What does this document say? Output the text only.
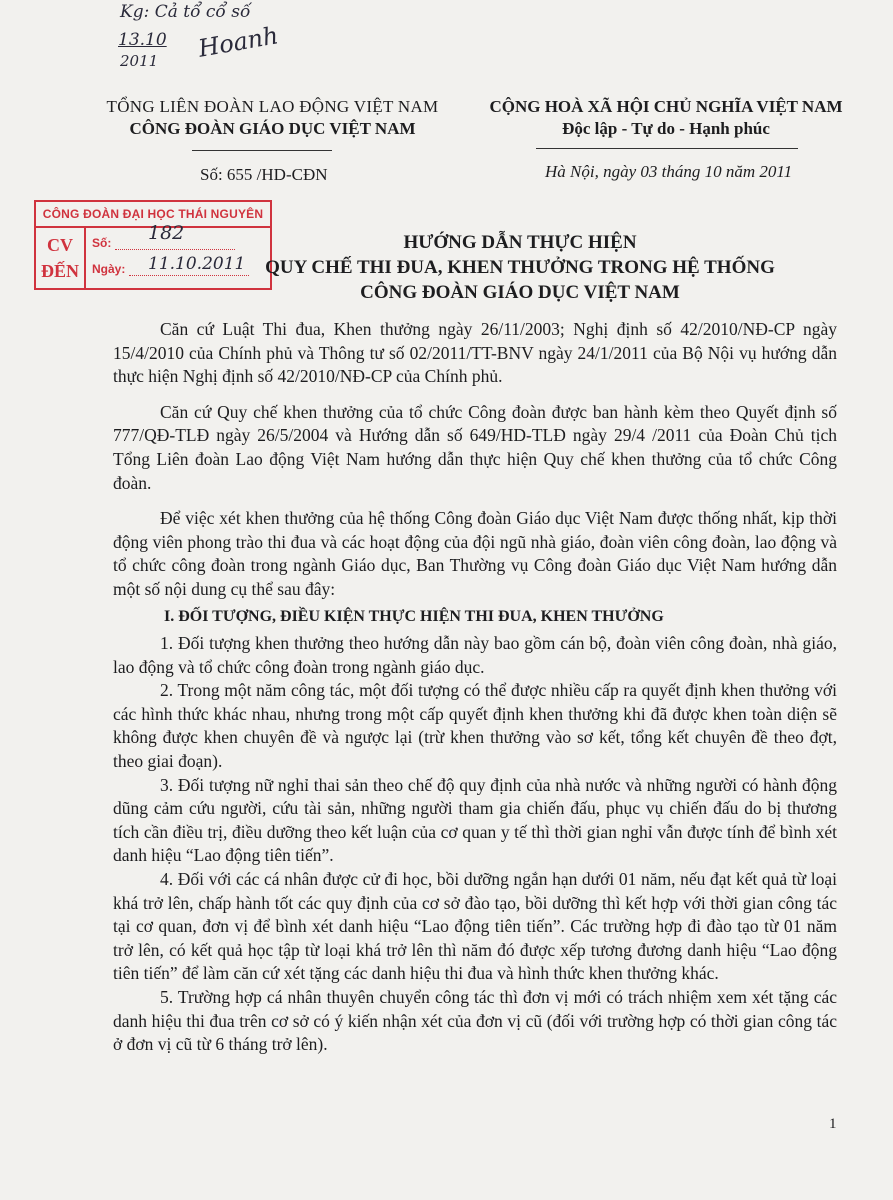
Kg: Cả tổ cổ số
13.10
2011 Hoanh
TỔNG LIÊN ĐOÀN LAO ĐỘNG VIỆT NAM
CÔNG ĐOÀN GIÁO DỤC VIỆT NAM
Số: 655 /HD-CĐN
CỘNG HOÀ XÃ HỘI CHỦ NGHĨA VIỆT NAM
Độc lập - Tự do - Hạnh phúc
Hà Nội, ngày 03 tháng 10 năm 2011
CÔNG ĐOÀN ĐẠI HỌC THÁI NGUYÊN
CV
ĐẾN
Số:
Ngày:
182
11.10.2011
HƯỚNG DẪN THỰC HIỆN
QUY CHẾ THI ĐUA, KHEN THƯỞNG TRONG HỆ THỐNG
CÔNG ĐOÀN GIÁO DỤC VIỆT NAM

Căn cứ Luật Thi đua, Khen thưởng ngày 26/11/2003; Nghị định số 42/2010/NĐ-CP ngày 15/4/2010 của Chính phủ và Thông tư số 02/2011/TT-BNV ngày 24/1/2011 của Bộ Nội vụ hướng dẫn thực hiện Nghị định số 42/2010/NĐ-CP của Chính phủ.

Căn cứ Quy chế khen thưởng của tổ chức Công đoàn được ban hành kèm theo Quyết định số 777/QĐ-TLĐ ngày 26/5/2004 và Hướng dẫn số 649/HD-TLĐ ngày 29/4 /2011 của Đoàn Chủ tịch Tổng Liên đoàn Lao động Việt Nam hướng dẫn thực hiện Quy chế khen thưởng của tổ chức Công đoàn.

Để việc xét khen thưởng của hệ thống Công đoàn Giáo dục Việt Nam được thống nhất, kịp thời động viên phong trào thi đua và các hoạt động của đội ngũ nhà giáo, đoàn viên công đoàn, lao động và tổ chức công đoàn trong ngành Giáo dục, Ban Thường vụ Công đoàn Giáo dục Việt Nam hướng dẫn một số nội dung cụ thể sau đây:

I. ĐỐI TƯỢNG, ĐIỀU KIỆN THỰC HIỆN THI ĐUA, KHEN THƯỞNG

1. Đối tượng khen thưởng theo hướng dẫn này bao gồm cán bộ, đoàn viên công đoàn, nhà giáo, lao động và tổ chức công đoàn trong ngành giáo dục.

2. Trong một năm công tác, một đối tượng có thể được nhiều cấp ra quyết định khen thưởng với các hình thức khác nhau, nhưng trong một cấp quyết định khen thưởng khi đã được khen toàn diện sẽ không được khen chuyên đề và ngược lại (trừ khen thưởng vào sơ kết, tổng kết chuyên đề theo đợt, theo giai đoạn).

3. Đối tượng nữ nghỉ thai sản theo chế độ quy định của nhà nước và những người có hành động dũng cảm cứu người, cứu tài sản, những người tham gia chiến đấu, phục vụ chiến đấu do bị thương tích cần điều trị, điều dưỡng theo kết luận của cơ quan y tế thì thời gian nghỉ vẫn được tính để bình xét danh hiệu “Lao động tiên tiến”.

4. Đối với các cá nhân được cử đi học, bồi dưỡng ngắn hạn dưới 01 năm, nếu đạt kết quả từ loại khá trở lên, chấp hành tốt các quy định của cơ sở đào tạo, bồi dưỡng thì kết hợp với thời gian công tác tại cơ quan, đơn vị để bình xét danh hiệu “Lao động tiên tiến”. Các trường hợp đi đào tạo từ 01 năm trở lên, có kết quả học tập từ loại khá trở lên thì năm đó được xếp tương đương danh hiệu “Lao động tiên tiến” để làm căn cứ xét tặng các danh hiệu thi đua và hình thức khen thưởng khác.

5. Trường hợp cá nhân thuyên chuyển công tác thì đơn vị mới có trách nhiệm xem xét tặng các danh hiệu thi đua trên cơ sở có ý kiến nhận xét của đơn vị cũ (đối với trường hợp có thời gian công tác ở đơn vị cũ từ 6 tháng trở lên).

1
